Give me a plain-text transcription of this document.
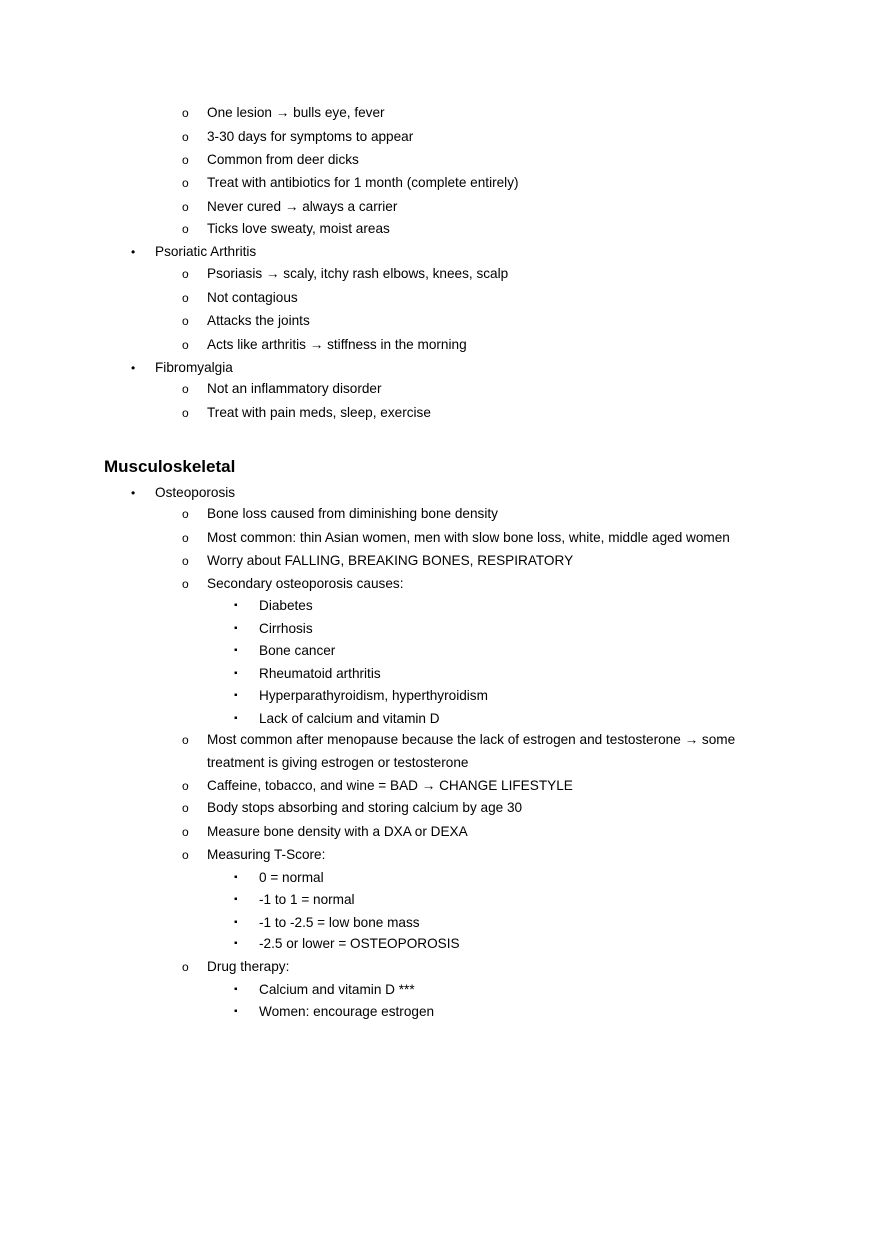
Musculoskeletal
o One lesion → bulls eye, fever
o 3-30 days for symptoms to appear
o Common from deer dicks
o Treat with antibiotics for 1 month (complete entirely)
o Never cured → always a carrier
o Ticks love sweaty, moist areas
• Psoriatic Arthritis
o Psoriasis → scaly, itchy rash elbows, knees, scalp
o Not contagious
o Attacks the joints
o Acts like arthritis → stiffness in the morning
• Fibromyalgia
o Not an inflammatory disorder
o Treat with pain meds, sleep, exercise
• Osteoporosis
o Bone loss caused from diminishing bone density
o Most common: thin Asian women, men with slow bone loss, white, middle aged women
o Worry about FALLING, BREAKING BONES, RESPIRATORY
o Secondary osteoporosis causes:
▪ Diabetes
▪ Cirrhosis
▪ Bone cancer
▪ Rheumatoid arthritis
▪ Hyperparathyroidism, hyperthyroidism
▪ Lack of calcium and vitamin D
o Most common after menopause because the lack of estrogen and testosterone → some
treatment is giving estrogen or testosterone
o Caffeine, tobacco, and wine = BAD → CHANGE LIFESTYLE
o Body stops absorbing and storing calcium by age 30
o Measure bone density with a DXA or DEXA
o Measuring T-Score:
▪ 0 = normal
▪ -1 to 1 = normal
▪ -1 to -2.5 = low bone mass
▪ -2.5 or lower = OSTEOPOROSIS
o Drug therapy:
▪ Calcium and vitamin D ***
▪ Women: encourage estrogen
